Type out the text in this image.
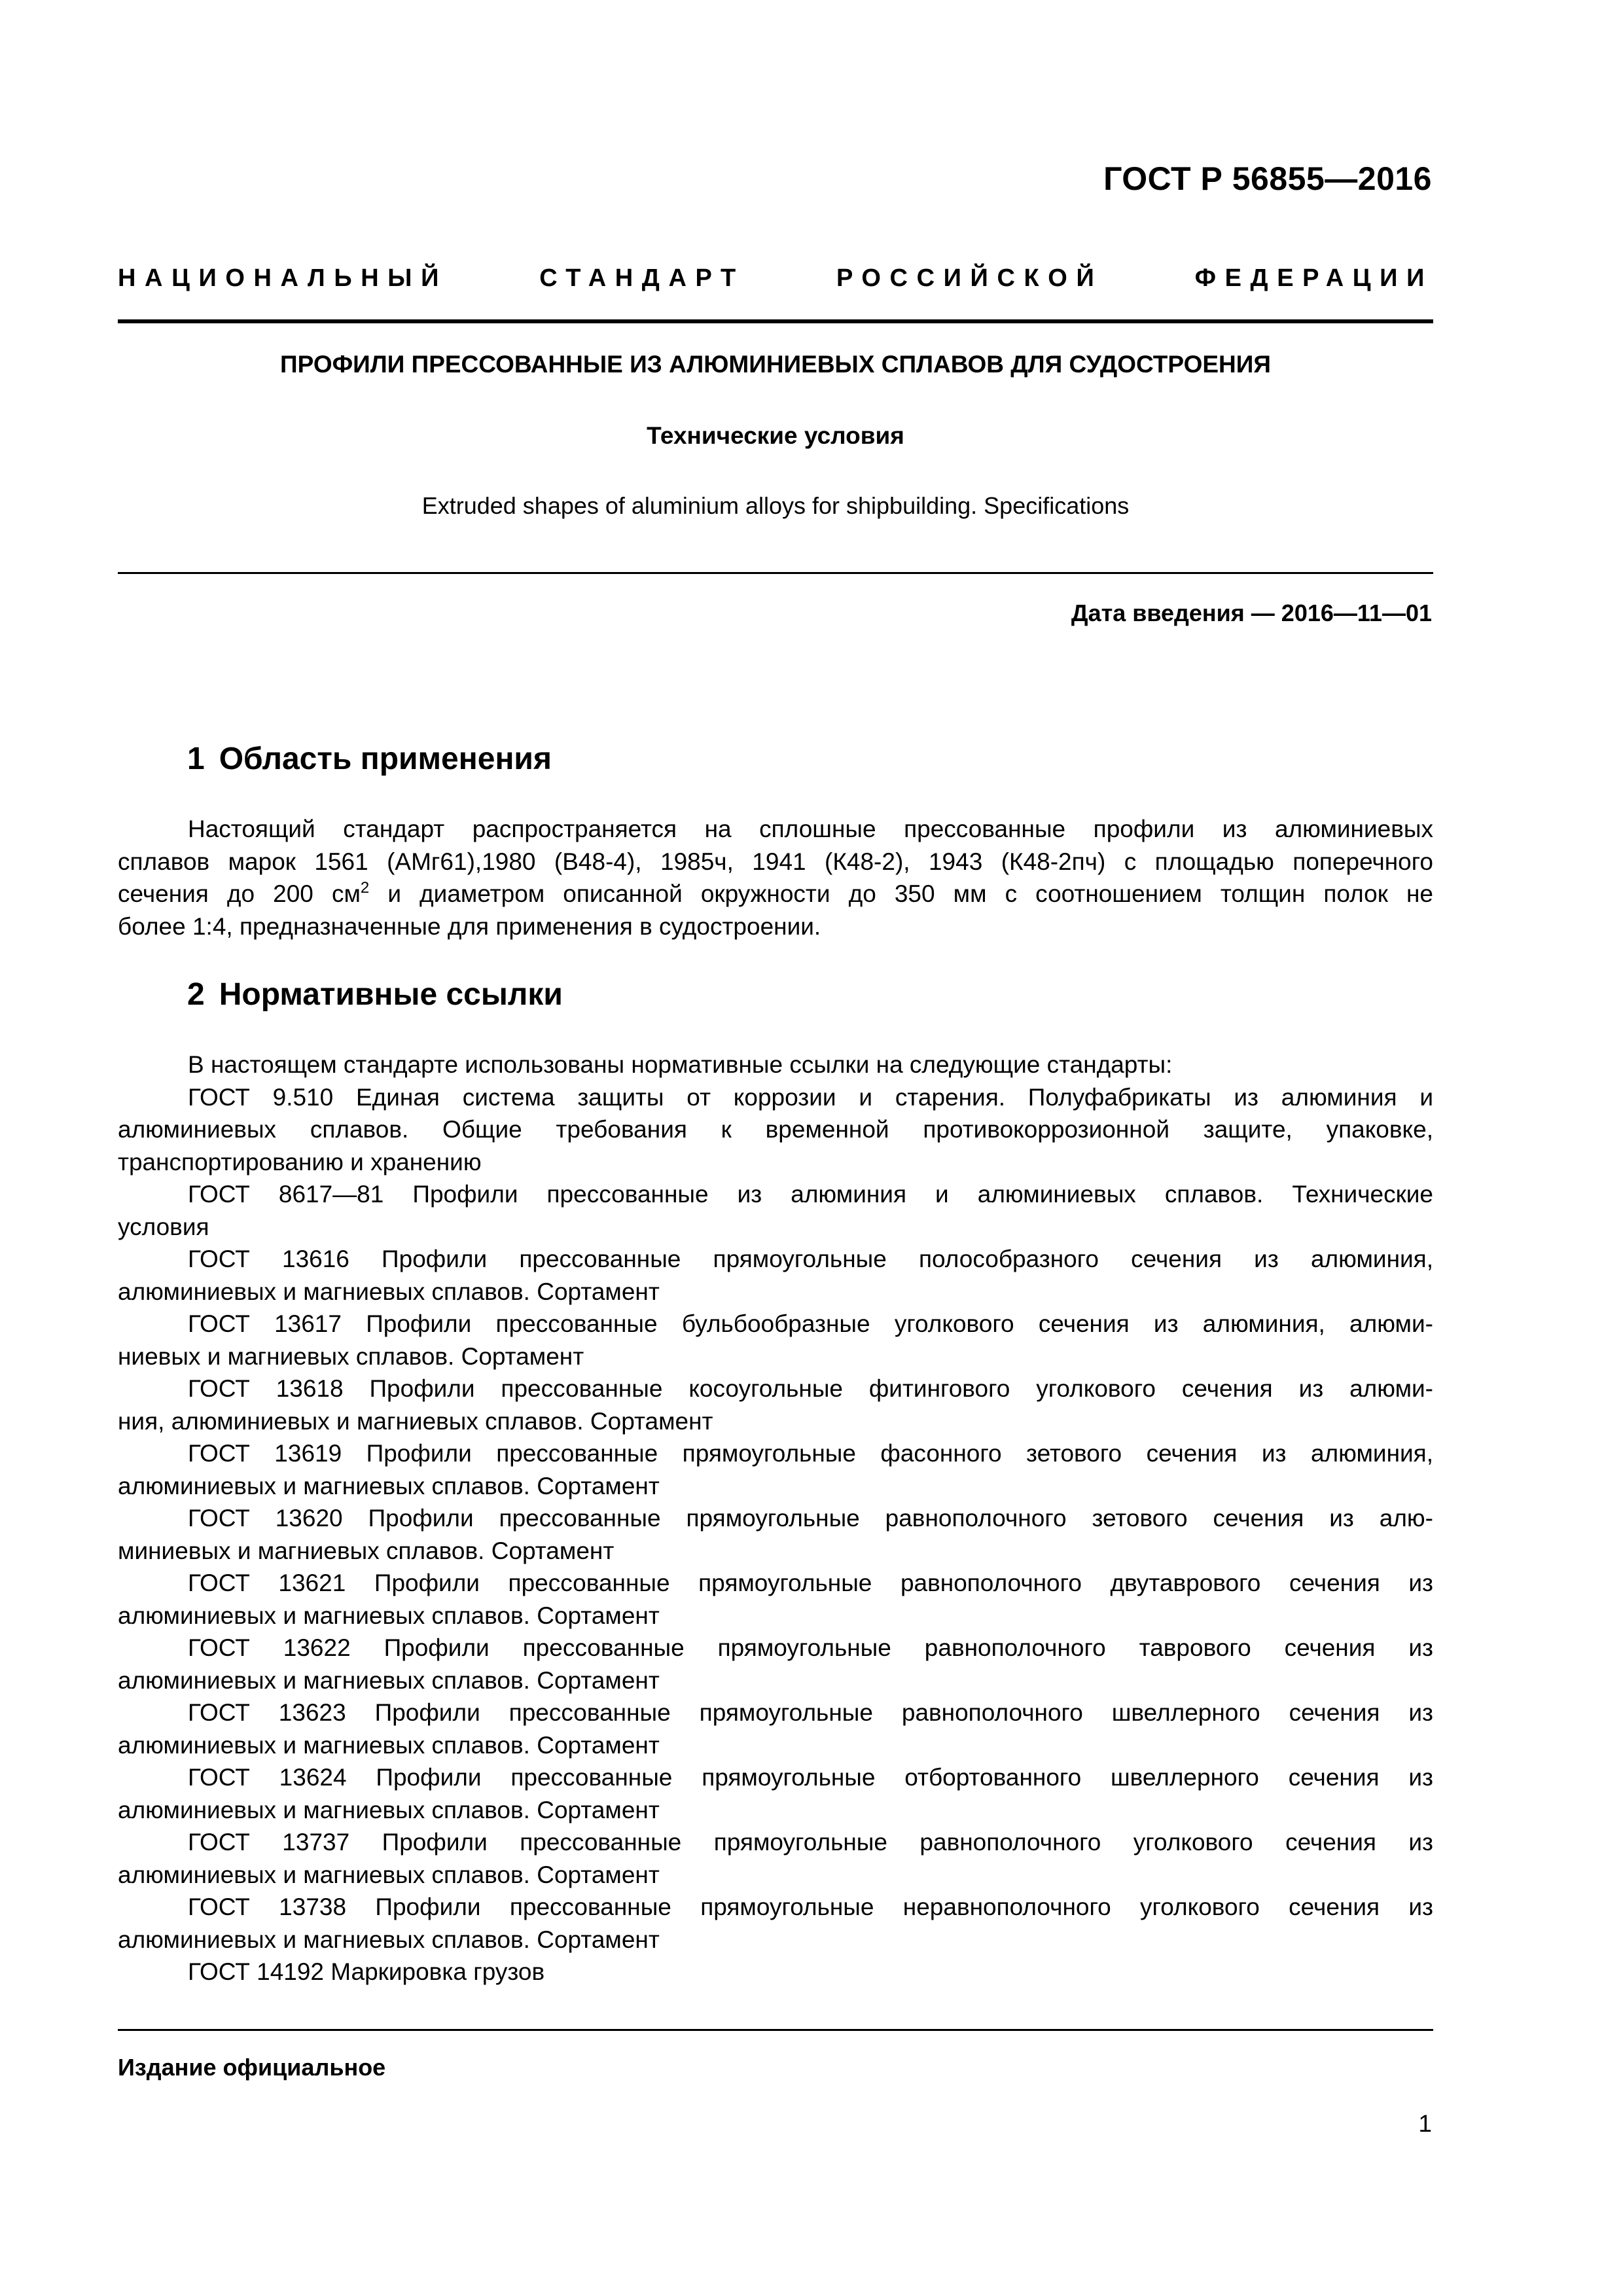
ГОСТ Р 56855—2016
НАЦИОНАЛЬНЫЙ СТАНДАРТ РОССИЙСКОЙ ФЕДЕРАЦИИ
ПРОФИЛИ ПРЕССОВАННЫЕ ИЗ АЛЮМИНИЕВЫХ СПЛАВОВ ДЛЯ СУДОСТРОЕНИЯ
Технические условия
Extruded shapes of aluminium alloys for shipbuilding. Specifications
Дата введения — 2016—11—01
1 Область применения
Настоящий стандарт распространяется на сплошные прессованные профили из алюминиевых
сплавов марок 1561 (АМг61),1980 (В48-4), 1985ч, 1941 (К48-2), 1943 (К48-2пч) с площадью поперечного
сечения до 200 $см^2$ и диаметром описанной окружности до 350 мм с соотношением толщин полок не
более 1:4, предназначенные для применения в судостроении.
2 Нормативные ссылки
В настоящем стандарте использованы нормативные ссылки на следующие стандарты:
ГОСТ 9.510 Единая система защиты от коррозии и старения. Полуфабрикаты из алюминия и
алюминиевых сплавов. Общие требования к временной противокоррозионной защите, упаковке,
транспортированию и хранению
ГОСТ 8617—81 Профили прессованные из алюминия и алюминиевых сплавов. Технические
условия
ГОСТ 13616 Профили прессованные прямоугольные полособразного сечения из алюминия,
алюминиевых и магниевых сплавов. Сортамент
ГОСТ 13617 Профили прессованные бульбообразные уголкового сечения из алюминия, алюми-
ниевых и магниевых сплавов. Сортамент
ГОСТ 13618 Профили прессованные косоугольные фитингового уголкового сечения из алюми-
ния, алюминиевых и магниевых сплавов. Сортамент
ГОСТ 13619 Профили прессованные прямоугольные фасонного зетового сечения из алюминия,
алюминиевых и магниевых сплавов. Сортамент
ГОСТ 13620 Профили прессованные прямоугольные равнополочного зетового сечения из алю-
миниевых и магниевых сплавов. Сортамент
ГОСТ 13621 Профили прессованные прямоугольные равнополочного двутаврового сечения из
алюминиевых и магниевых сплавов. Сортамент
ГОСТ 13622 Профили прессованные прямоугольные равнополочного таврового сечения из
алюминиевых и магниевых сплавов. Сортамент
ГОСТ 13623 Профили прессованные прямоугольные равнополочного швеллерного сечения из
алюминиевых и магниевых сплавов. Сортамент
ГОСТ 13624 Профили прессованные прямоугольные отбортованного швеллерного сечения из
алюминиевых и магниевых сплавов. Сортамент
ГОСТ 13737 Профили прессованные прямоугольные равнополочного уголкового сечения из
алюминиевых и магниевых сплавов. Сортамент
ГОСТ 13738 Профили прессованные прямоугольные неравнополочного уголкового сечения из
алюминиевых и магниевых сплавов. Сортамент
ГОСТ 14192 Маркировка грузов
Издание официальное
1
